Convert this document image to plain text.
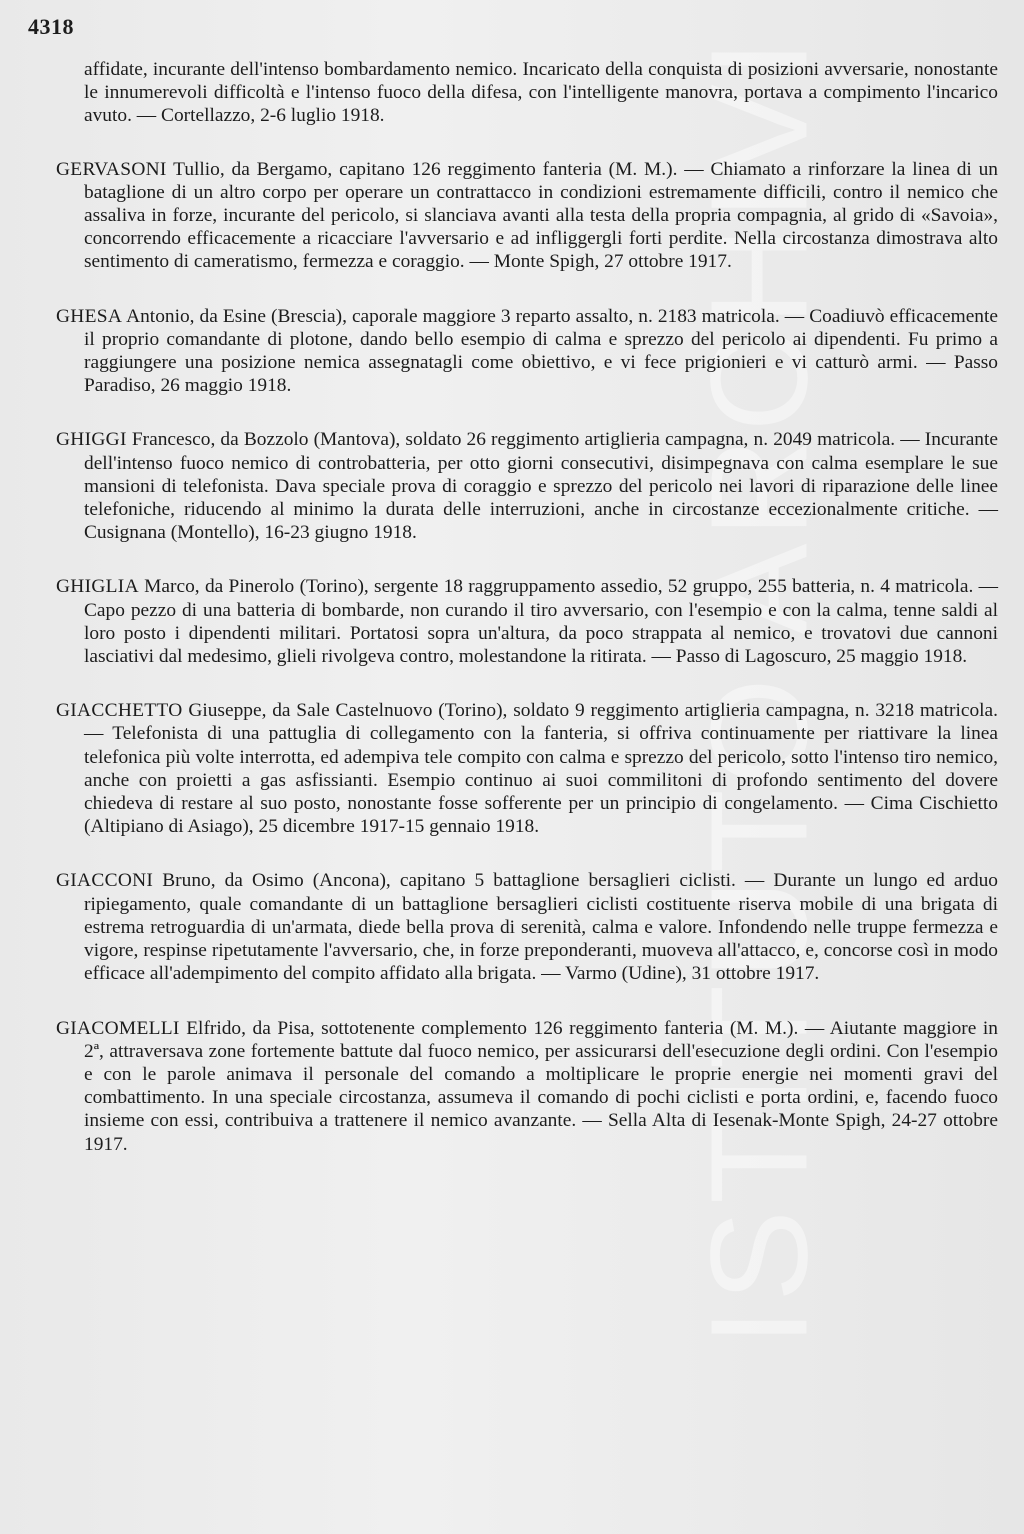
4318
ISTITUTO ARCHIVI

affidate, incurante dell'intenso bombardamento nemico. Incaricato della conquista di posizioni avversarie, nonostante le innumerevoli difficoltà e l'intenso fuoco della difesa, con l'intelligente manovra, portava a compimento l'incarico avuto. — Cortellazzo, 2-6 luglio 1918.

GERVASONI Tullio, da Bergamo, capitano 126 reggimento fanteria (M. M.). — Chiamato a rinforzare la linea di un bataglione di un altro corpo per operare un contrattacco in condizioni estremamente difficili, contro il nemico che assaliva in forze, incurante del pericolo, si slanciava avanti alla testa della propria compagnia, al grido di «Savoia», concorrendo efficacemente a ricacciare l'avversario e ad infliggergli forti perdite. Nella circostanza dimostrava alto sentimento di cameratismo, fermezza e coraggio. — Monte Spigh, 27 ottobre 1917.

GHESA Antonio, da Esine (Brescia), caporale maggiore 3 reparto assalto, n. 2183 matricola. — Coadiuvò efficacemente il proprio comandante di plotone, dando bello esempio di calma e sprezzo del pericolo ai dipendenti. Fu primo a raggiungere una posizione nemica assegnatagli come obiettivo, e vi fece prigionieri e vi catturò armi. — Passo Paradiso, 26 maggio 1918.

GHIGGI Francesco, da Bozzolo (Mantova), soldato 26 reggimento artiglieria campagna, n. 2049 matricola. — Incurante dell'intenso fuoco nemico di controbatteria, per otto giorni consecutivi, disimpegnava con calma esemplare le sue mansioni di telefonista. Dava speciale prova di coraggio e sprezzo del pericolo nei lavori di riparazione delle linee telefoniche, riducendo al minimo la durata delle interruzioni, anche in circostanze eccezionalmente critiche. — Cusignana (Montello), 16-23 giugno 1918.

GHIGLIA Marco, da Pinerolo (Torino), sergente 18 raggruppamento assedio, 52 gruppo, 255 batteria, n. 4 matricola. — Capo pezzo di una batteria di bombarde, non curando il tiro avversario, con l'esempio e con la calma, tenne saldi al loro posto i dipendenti militari. Portatosi sopra un'altura, da poco strappata al nemico, e trovatovi due cannoni lasciativi dal medesimo, glieli rivolgeva contro, molestandone la ritirata. — Passo di Lagoscuro, 25 maggio 1918.

GIACCHETTO Giuseppe, da Sale Castelnuovo (Torino), soldato 9 reggimento artiglieria campagna, n. 3218 matricola. — Telefonista di una pattuglia di collegamento con la fanteria, si offriva continuamente per riattivare la linea telefonica più volte interrotta, ed adempiva tele compito con calma e sprezzo del pericolo, sotto l'intenso tiro nemico, anche con proietti a gas asfissianti. Esempio continuo ai suoi commilitoni di profondo sentimento del dovere chiedeva di restare al suo posto, nonostante fosse sofferente per un principio di congelamento. — Cima Cischietto (Altipiano di Asiago), 25 dicembre 1917-15 gennaio 1918.

GIACCONI Bruno, da Osimo (Ancona), capitano 5 battaglione bersaglieri ciclisti. — Durante un lungo ed arduo ripiegamento, quale comandante di un battaglione bersaglieri ciclisti costituente riserva mobile di una brigata di estrema retroguardia di un'armata, diede bella prova di serenità, calma e valore. Infondendo nelle truppe fermezza e vigore, respinse ripetutamente l'avversario, che, in forze preponderanti, muoveva all'attacco, e, concorse così in modo efficace all'adempimento del compito affidato alla brigata. — Varmo (Udine), 31 ottobre 1917.

GIACOMELLI Elfrido, da Pisa, sottotenente complemento 126 reggimento fanteria (M. M.). — Aiutante maggiore in 2ª, attraversava zone fortemente battute dal fuoco nemico, per assicurarsi dell'esecuzione degli ordini. Con l'esempio e con le parole animava il personale del comando a moltiplicare le proprie energie nei momenti gravi del combattimento. In una speciale circostanza, assumeva il comando di pochi ciclisti e porta ordini, e, facendo fuoco insieme con essi, contribuiva a trattenere il nemico avanzante. — Sella Alta di Iesenak-Monte Spigh, 24-27 ottobre 1917.
